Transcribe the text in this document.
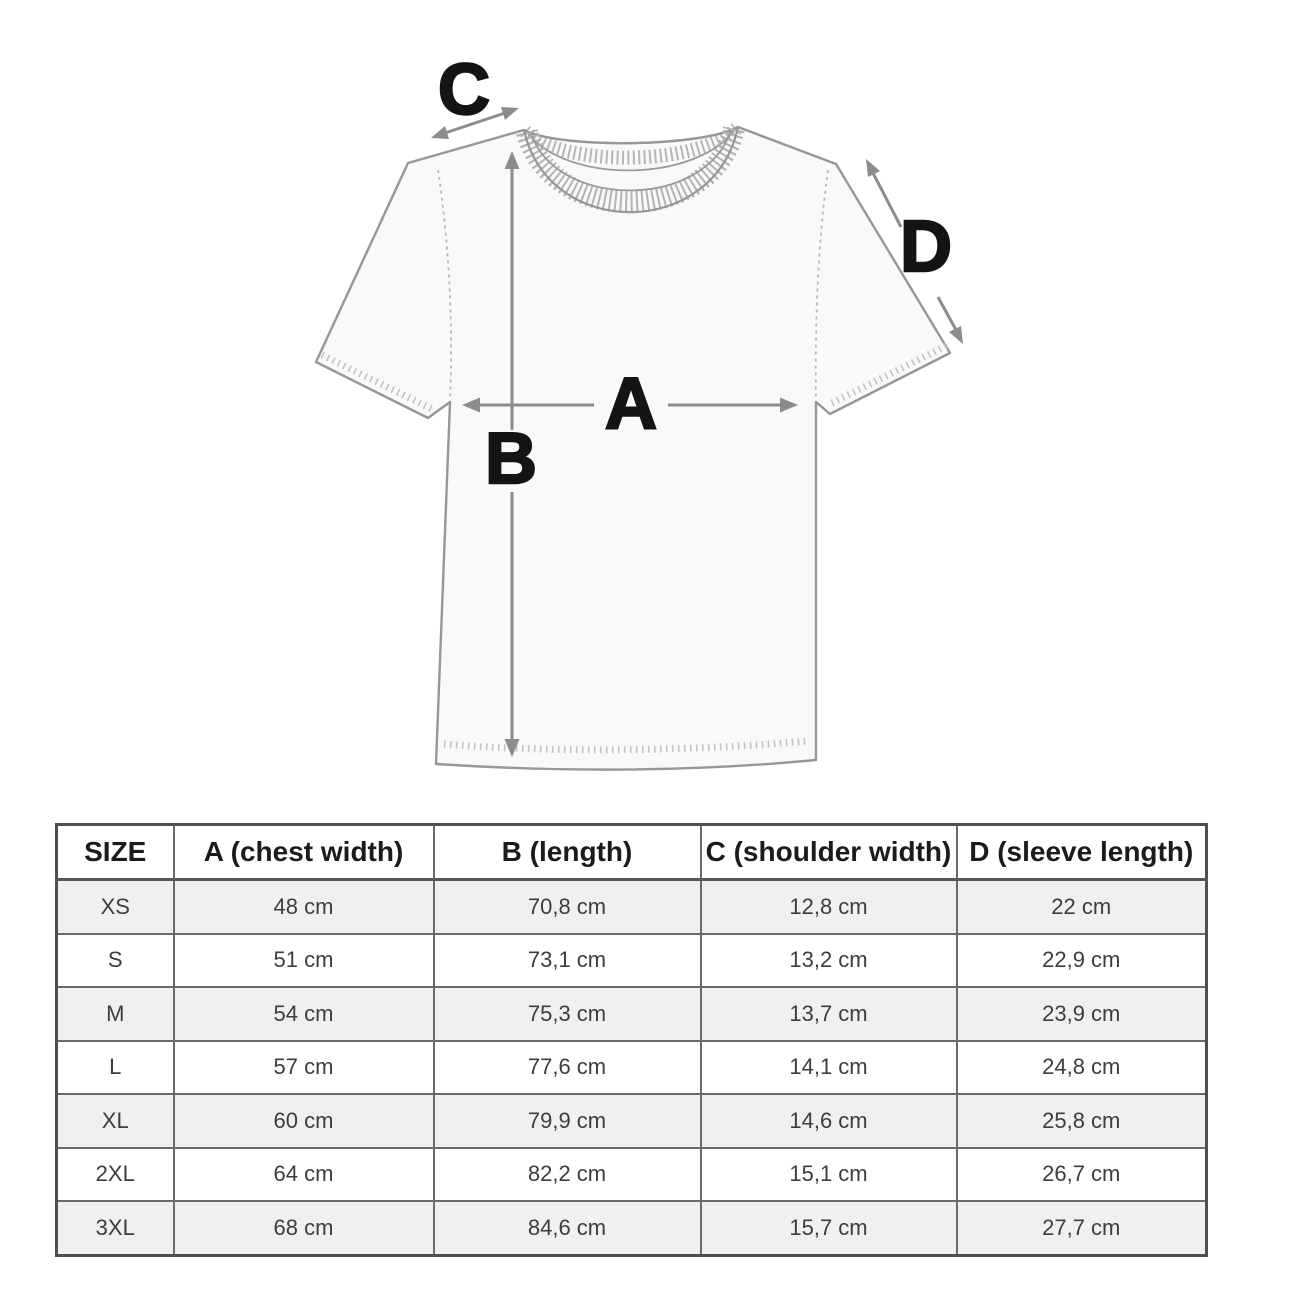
C
D
A
B
SIZE	A (chest width)	B (length)	C (shoulder width)	D (sleeve length)
XS	48 cm	70,8 cm	12,8 cm	22 cm
S	51 cm	73,1 cm	13,2 cm	22,9 cm
M	54 cm	75,3 cm	13,7 cm	23,9 cm
L	57 cm	77,6 cm	14,1 cm	24,8 cm
XL	60 cm	79,9 cm	14,6 cm	25,8 cm
2XL	64 cm	82,2 cm	15,1 cm	26,7 cm
3XL	68 cm	84,6 cm	15,7 cm	27,7 cm
